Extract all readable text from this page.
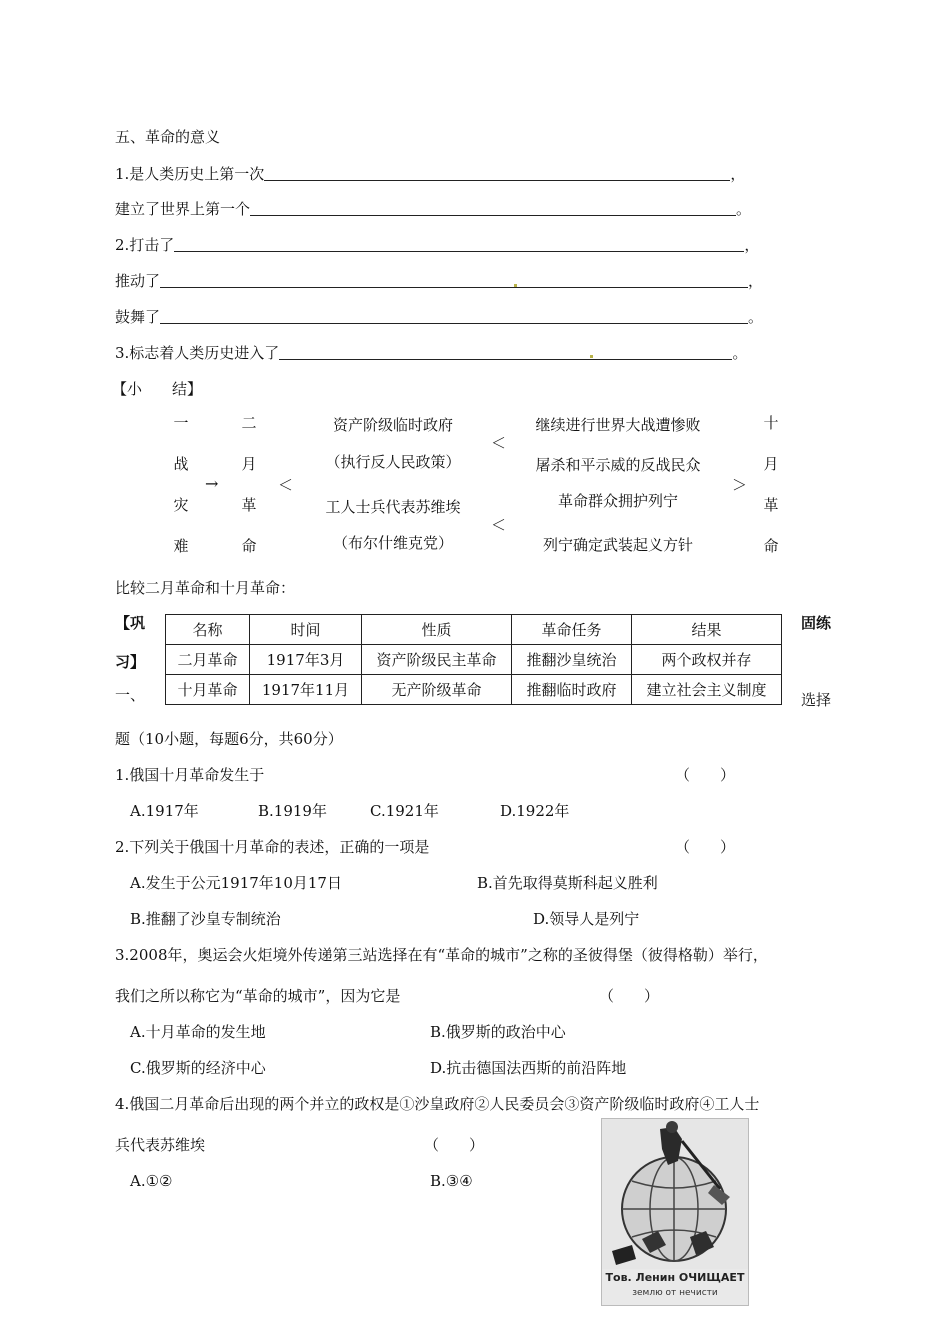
五、革命的意义
1.是人类历史上第一次	，
建立了世界上第一个	。
2.打击了	，
推动了	，
鼓舞了	。
3.标志着人类历史进入了	。
【小　　结】
一
战
灾
难
→
二
月
革
命
＜
资产阶级临时政府
（执行反人民政策）
工人士兵代表苏维埃
（布尔什维克党）
＜
＜
继续进行世界大战遭惨败
屠杀和平示威的反战民众
革命群众拥护列宁
列宁确定武装起义方针
＞
十
月
革
命
比较二月革命和十月革命：
【巩
习】
一、
固练
选择
名称	时间	性质	革命任务	结果
二月革命	1917年3月	资产阶级民主革命	推翻沙皇统治	两个政权并存
十月革命	1917年11月	无产阶级革命	推翻临时政府	建立社会主义制度
题（10小题，每题6分，共60分）
1.俄国十月革命发生于	（　　）
A.1917年	B.1919年	C.1921年	D.1922年
2.下列关于俄国十月革命的表述，正确的一项是	（　　）
A.发生于公元1917年10月17日	B.首先取得莫斯科起义胜利
B.推翻了沙皇专制统治	D.领导人是列宁
3.2008年，奥运会火炬境外传递第三站选择在有“革命的城市”之称的圣彼得堡（彼得格勒）举行，
我们之所以称它为“革命的城市”，因为它是	（　　）
A.十月革命的发生地	B.俄罗斯的政治中心
C.俄罗斯的经济中心	D.抗击德国法西斯的前沿阵地
4.俄国二月革命后出现的两个并立的政权是①沙皇政府②人民委员会③资产阶级临时政府④工人士
兵代表苏维埃	（　　）
A.①②	B.③④
Тов. Ленин ОЧИЩАЕТ
землю от нечисти
